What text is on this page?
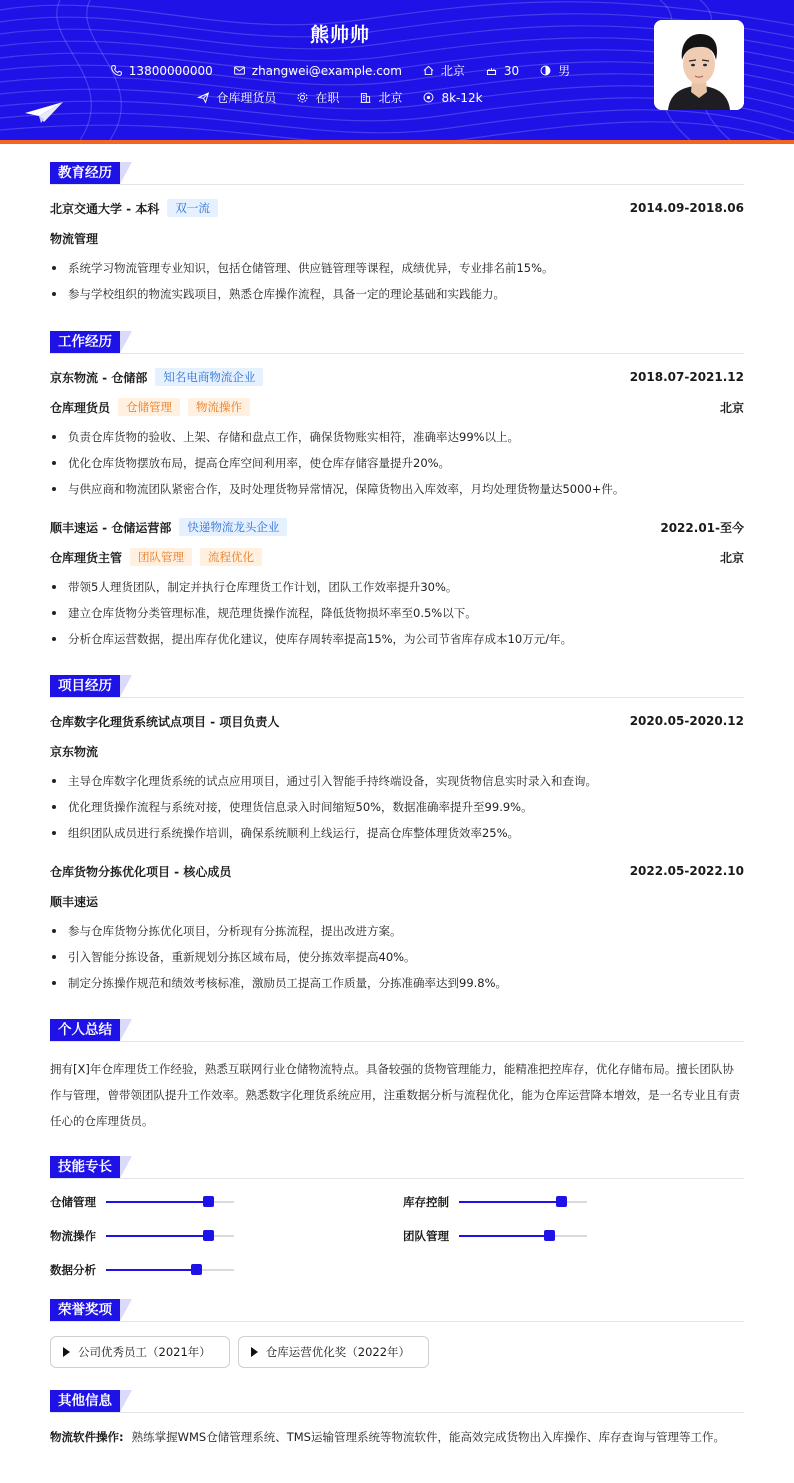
熊帅帅
13800000000	zhangwei@example.com	北京	30	男
仓库理货员	在职	北京	8k-12k
教育经历
北京交通大学 - 本科	双一流	2014.09-2018.06
物流管理
系统学习物流管理专业知识，包括仓储管理、供应链管理等课程，成绩优异，专业排名前15%。
参与学校组织的物流实践项目，熟悉仓库操作流程，具备一定的理论基础和实践能力。
工作经历
京东物流 - 仓储部	知名电商物流企业	2018.07-2021.12
仓库理货员	仓储管理	物流操作	北京
负责仓库货物的验收、上架、存储和盘点工作，确保货物账实相符，准确率达99%以上。
优化仓库货物摆放布局，提高仓库空间利用率，使仓库存储容量提升20%。
与供应商和物流团队紧密合作，及时处理货物异常情况，保障货物出入库效率，月均处理货物量达5000+件。
顺丰速运 - 仓储运营部	快递物流龙头企业	2022.01-至今
仓库理货主管	团队管理	流程优化	北京
带领5人理货团队，制定并执行仓库理货工作计划，团队工作效率提升30%。
建立仓库货物分类管理标准，规范理货操作流程，降低货物损坏率至0.5%以下。
分析仓库运营数据，提出库存优化建议，使库存周转率提高15%，为公司节省库存成本10万元/年。
项目经历
仓库数字化理货系统试点项目 - 项目负责人	2020.05-2020.12
京东物流
主导仓库数字化理货系统的试点应用项目，通过引入智能手持终端设备，实现货物信息实时录入和查询。
优化理货操作流程与系统对接，使理货信息录入时间缩短50%，数据准确率提升至99.9%。
组织团队成员进行系统操作培训，确保系统顺利上线运行，提高仓库整体理货效率25%。
仓库货物分拣优化项目 - 核心成员	2022.05-2022.10
顺丰速运
参与仓库货物分拣优化项目，分析现有分拣流程，提出改进方案。
引入智能分拣设备，重新规划分拣区域布局，使分拣效率提高40%。
制定分拣操作规范和绩效考核标准，激励员工提高工作质量，分拣准确率达到99.8%。
个人总结

拥有[X]年仓库理货工作经验，熟悉互联网行业仓储物流特点。具备较强的货物管理能力，能精准把控库存，优化存储布局。擅长团队协作与管理，曾带领团队提升工作效率。熟悉数字化理货系统应用，注重数据分析与流程优化，能为仓库运营降本增效，是一名专业且有责任心的仓库理货员。

技能专长
仓储管理	库存控制
物流操作	团队管理
数据分析
荣誉奖项
公司优秀员工（2021年）	仓库运营优化奖（2022年）
其他信息
物流软件操作: 熟练掌握WMS仓储管理系统、TMS运输管理系统等物流软件，能高效完成货物出入库操作、库存查询与管理等工作。
